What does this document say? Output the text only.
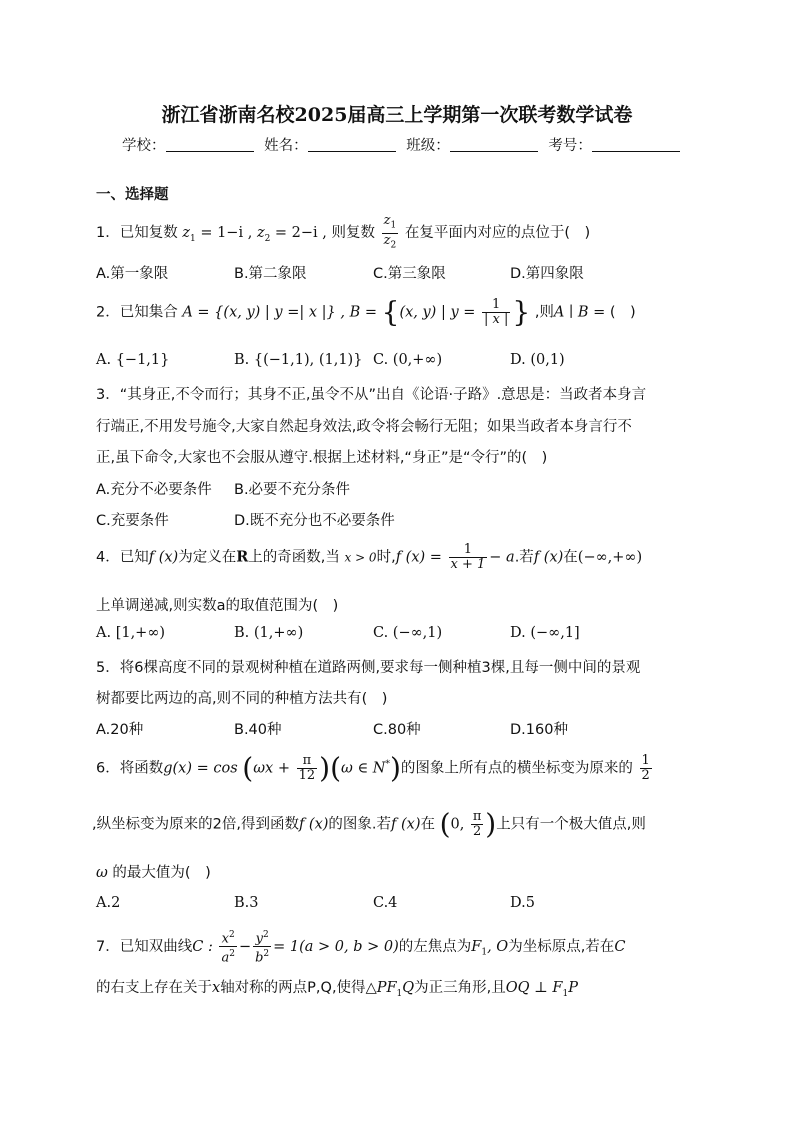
浙江省浙南名校2025届高三上学期第一次联考数学试卷
学校：	姓名：	班级：	考号：
一、选择题
1．已知复数 $z_1 = 1-i$ , $z_2 = 2-i$ , 则复数 $\frac{z_1}{z_2}$ 在复平面内对应的点位于(　)
A.第一象限	B.第二象限	C.第三象限	D.第四象限
2．已知集合 A = {(x, y) | y =| x |} , B = {(x, y) | $y = \frac{1}{| x |}$ } ,则A ∣ B = (　)
A. {−1,1}	B. {(−1,1), (1,1)} C. (0,+∞)	D. (0,1)
3．“其身正,不令而行；其身不正,虽令不从”出自《论语·子路》.意思是：当政者本身言
行端正,不用发号施令,大家自然起身效法,政令将会畅行无阻；如果当政者本身言行不
正,虽下命令,大家也不会服从遵守.根据上述材料,“身正”是“令行”的(　)
A.充分不必要条件 B.必要不充分条件
C.充要条件	D.既不充分也不必要条件
4．已知f (x)为定义在R上的奇函数,当 x > 0时,f $(x) = \frac{1}{x + 1} - a$.若f (x)在(−∞,+∞)
上单调递减,则实数a的取值范围为(　)
A. [1,+∞)	B. (1,+∞)	C. (−∞,1)	D. (−∞,1]
5．将6棵高度不同的景观树种植在道路两侧,要求每一侧种植3棵,且每一侧中间的景观
树都要比两边的高,则不同的种植方法共有(　)
A.20种	B.40种	C.80种	D.160种
6．将函数$g(x) = \cos (\omega x + \frac{\pi}{12} )(\omega$ ∈ N*)的图象上所有点的横坐标变为原来的 $\frac{1}{2}$
,纵坐标变为原来的2倍,得到函数f (x)的图象.若f (x)在 (0, $\frac{\pi}{2}$ )上只有一个极大值点,则
ω 的最大值为(　)
A.2	B.3	C.4	D.5
7．已知双曲线C : $\frac{x^2}{a^2} - \frac{y^2}{b^2} = 1(a > 0$, b > 0)的左焦点为$F_1$, O为坐标原点,若在C
的右支上存在关于x轴对称的两点P,Q,使得$\triangle PF_1Q$为正三角形,且OQ ⊥ $F_1P$
